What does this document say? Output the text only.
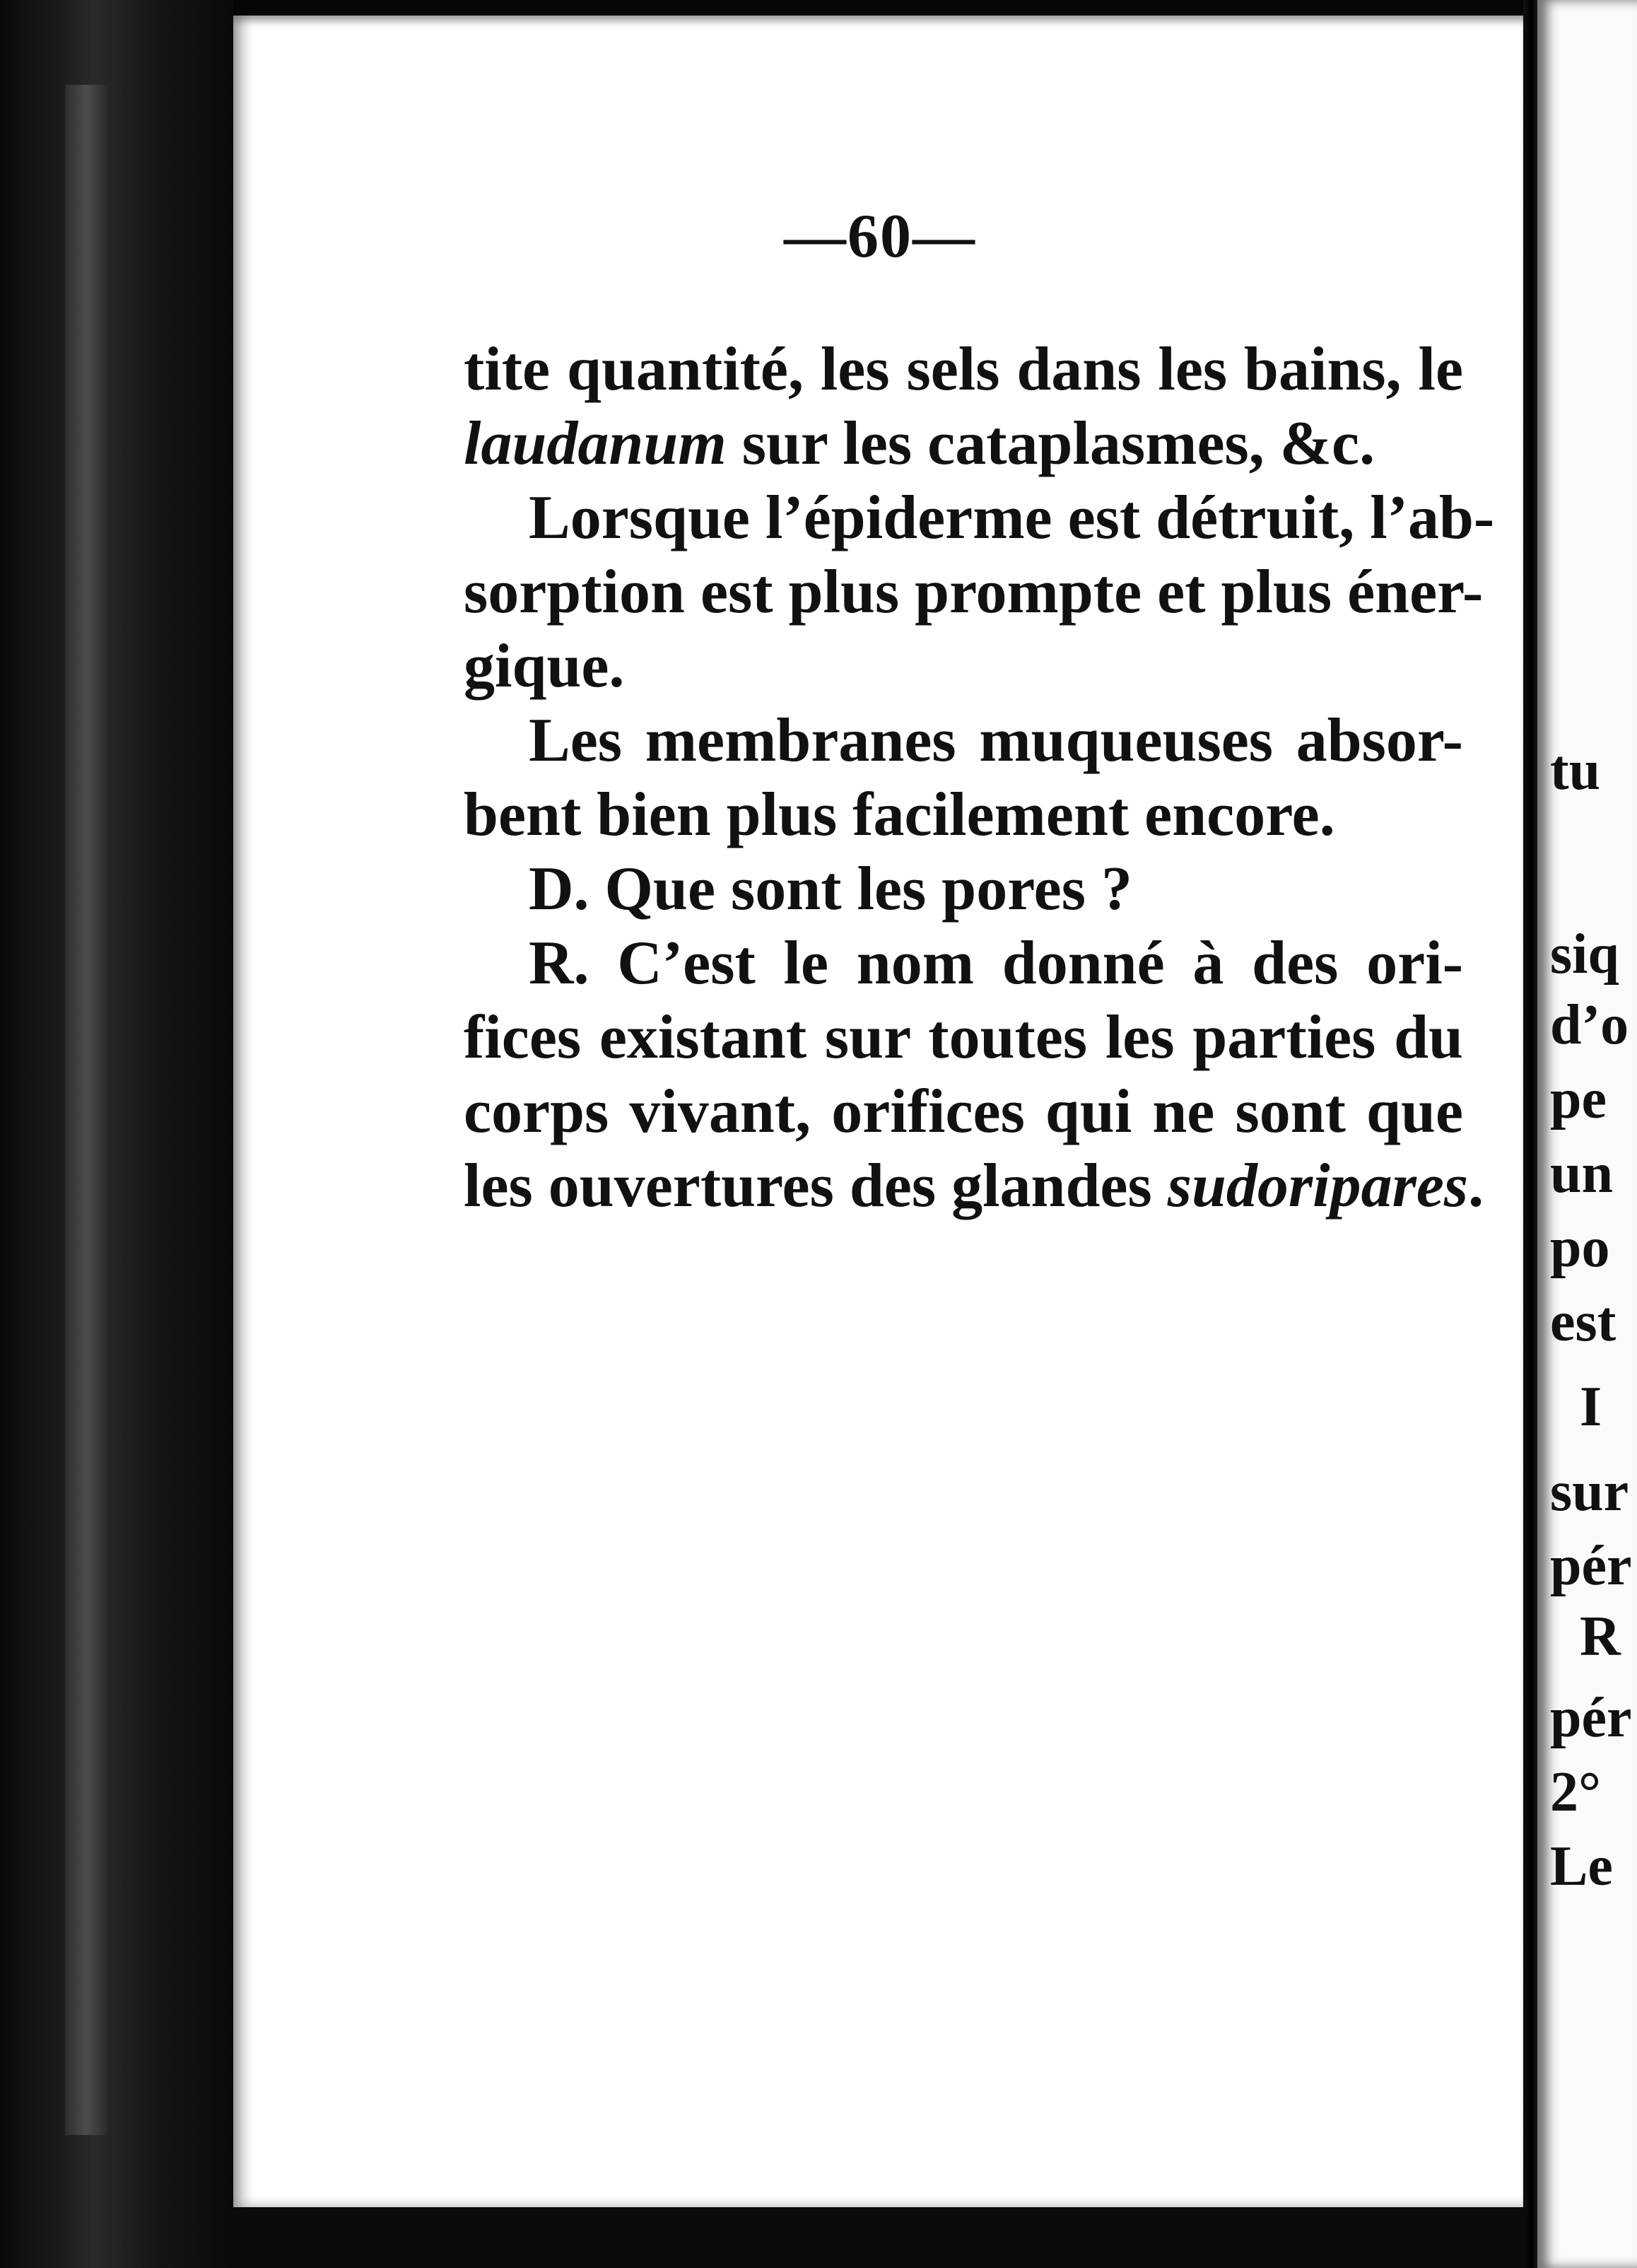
—60—
tite quantité, les sels dans les bains, le
laudanum sur les cataplasmes, &c.
Lorsque l’épiderme est détruit, l’ab-
sorption est plus prompte et plus éner-
gique.
Les membranes muqueuses absor-
bent bien plus facilement encore.
D. Que sont les pores ?
R. C’est le nom donné à des ori-
fices existant sur toutes les parties du
corps vivant, orifices qui ne sont que
les ouvertures des glandes sudoripares.
tu
siq
d’o
pe
un
po
est
I
sur
pér
R
pér
2°
Le
